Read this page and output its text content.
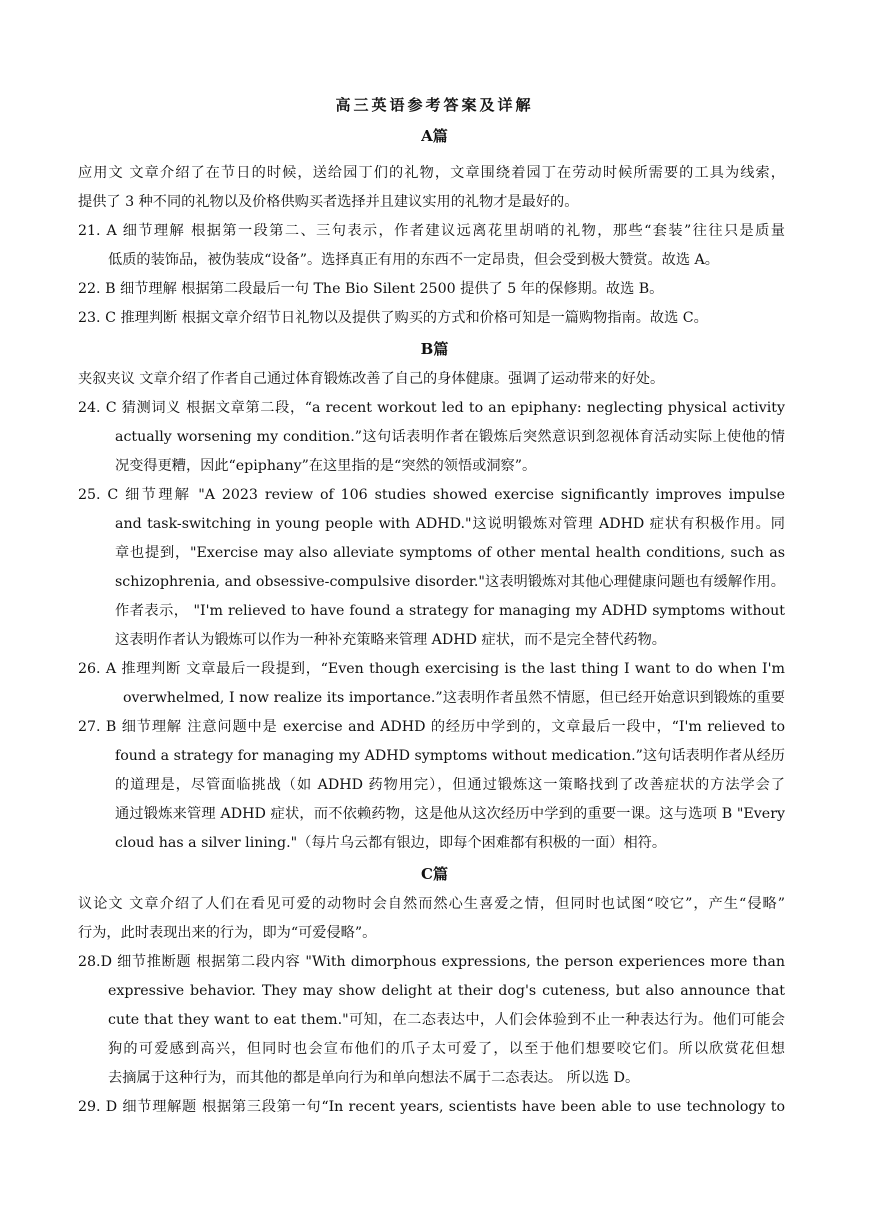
高三英语参考答案及详解
A篇
应用文 文章介绍了在节日的时候，送给园丁们的礼物，文章围绕着园丁在劳动时候所需要的工具为线索，
提供了 3 种不同的礼物以及价格供购买者选择并且建议实用的礼物才是最好的。
21. A 细节理解 根据第一段第二、三句表示，作者建议远离花里胡哨的礼物，那些“套装”往往只是质量
低质的装饰品，被伪装成“设备”。选择真正有用的东西不一定昂贵，但会受到极大赞赏。故选 A。
22. B 细节理解 根据第二段最后一句 The Bio Silent 2500 提供了 5 年的保修期。故选 B。
23. C 推理判断 根据文章介绍节日礼物以及提供了购买的方式和价格可知是一篇购物指南。故选 C。
B篇
夹叙夹议 文章介绍了作者自己通过体育锻炼改善了自己的身体健康。强调了运动带来的好处。
24. C 猜测词义 根据文章第二段，“a recent workout led to an epiphany: neglecting physical activity
actually worsening my condition.”这句话表明作者在锻炼后突然意识到忽视体育活动实际上使他的情
况变得更糟，因此“epiphany”在这里指的是“突然的领悟或洞察”。
25. C 细节理解 "A 2023 review of 106 studies showed exercise significantly improves impulse
and task-switching in young people with ADHD."这说明锻炼对管理 ADHD 症状有积极作用。同
章也提到，"Exercise may also alleviate symptoms of other mental health conditions, such as
schizophrenia, and obsessive-compulsive disorder."这表明锻炼对其他心理健康问题也有缓解作用。
作者表示， "I'm relieved to have found a strategy for managing my ADHD symptoms without
这表明作者认为锻炼可以作为一种补充策略来管理 ADHD 症状，而不是完全替代药物。
26. A 推理判断 文章最后一段提到，“Even though exercising is the last thing I want to do when I'm
overwhelmed, I now realize its importance.”这表明作者虽然不情愿，但已经开始意识到锻炼的重要
27. B 细节理解 注意问题中是 exercise and ADHD 的经历中学到的，文章最后一段中，“I'm relieved to
found a strategy for managing my ADHD symptoms without medication.”这句话表明作者从经历
的道理是，尽管面临挑战（如 ADHD 药物用完），但通过锻炼这一策略找到了改善症状的方法学会了
通过锻炼来管理 ADHD 症状，而不依赖药物，这是他从这次经历中学到的重要一课。这与选项 B "Every
cloud has a silver lining."（每片乌云都有银边，即每个困难都有积极的一面）相符。
C篇
议论文 文章介绍了人们在看见可爱的动物时会自然而然心生喜爱之情，但同时也试图“咬它”，产生“侵略”
行为，此时表现出来的行为，即为“可爱侵略”。
28.D 细节推断题 根据第二段内容 "With dimorphous expressions, the person experiences more than
expressive behavior. They may show delight at their dog's cuteness, but also announce that
cute that they want to eat them."可知，在二态表达中，人们会体验到不止一种表达行为。他们可能会
狗的可爱感到高兴，但同时也会宣布他们的爪子太可爱了，以至于他们想要咬它们。所以欣赏花但想
去摘属于这种行为，而其他的都是单向行为和单向想法不属于二态表达。 所以选 D。
29. D 细节理解题 根据第三段第一句“In recent years, scientists have been able to use technology to
